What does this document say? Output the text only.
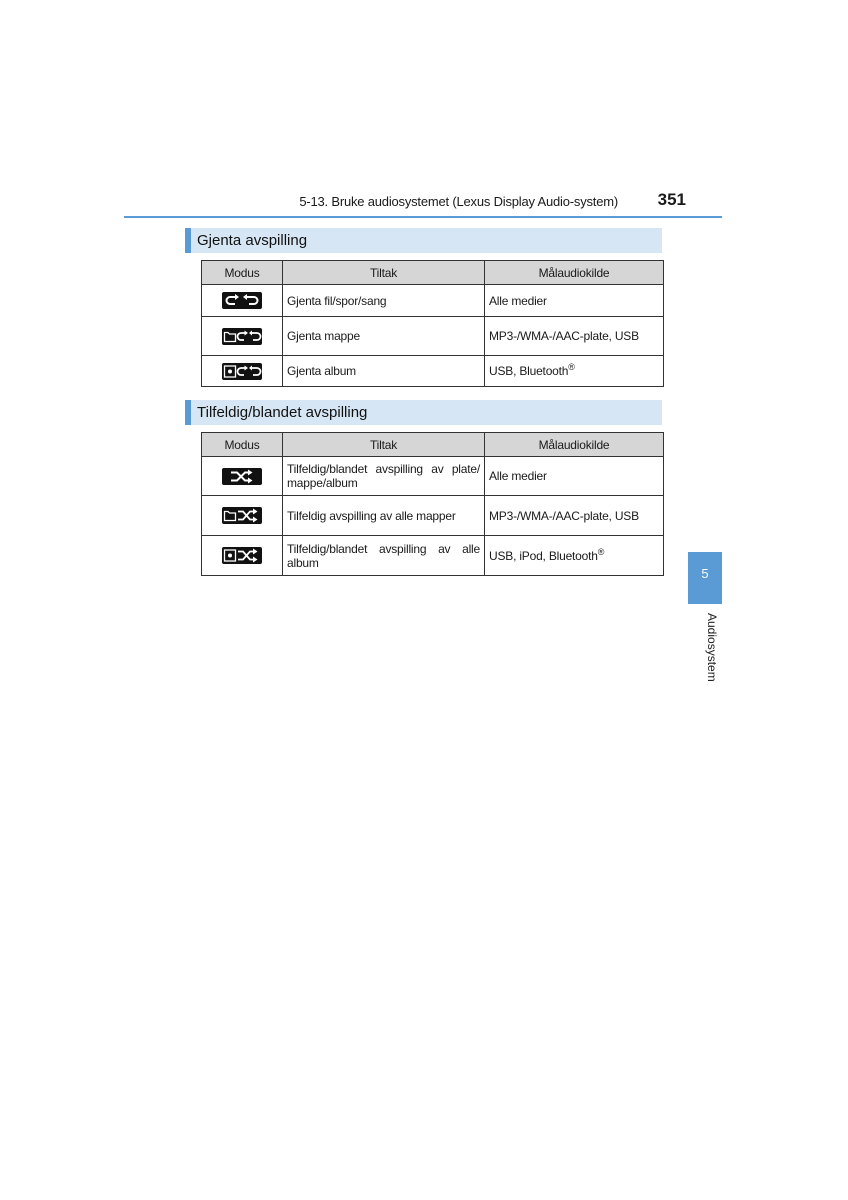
5-13. Bruke audiosystemet (Lexus Display Audio-system)	351
Gjenta avspilling
Modus	Tiltak	Målaudiokilde

	Gjenta fil/spor/sang	Alle medier

	Gjenta mappe	MP3-/WMA-/AAC-plate, USB

	Gjenta album	USB, Bluetooth®
Tilfeldig/blandet avspilling
Modus	Tiltak	Målaudiokilde

	Tilfeldig/blandet avspilling av plate/ mappe/album	Alle medier

	Tilfeldig avspilling av alle mapper	MP3-/WMA-/AAC-plate, USB

	Tilfeldig/blandet avspilling av alle album	USB, iPod, Bluetooth®
5
Audiosystem
